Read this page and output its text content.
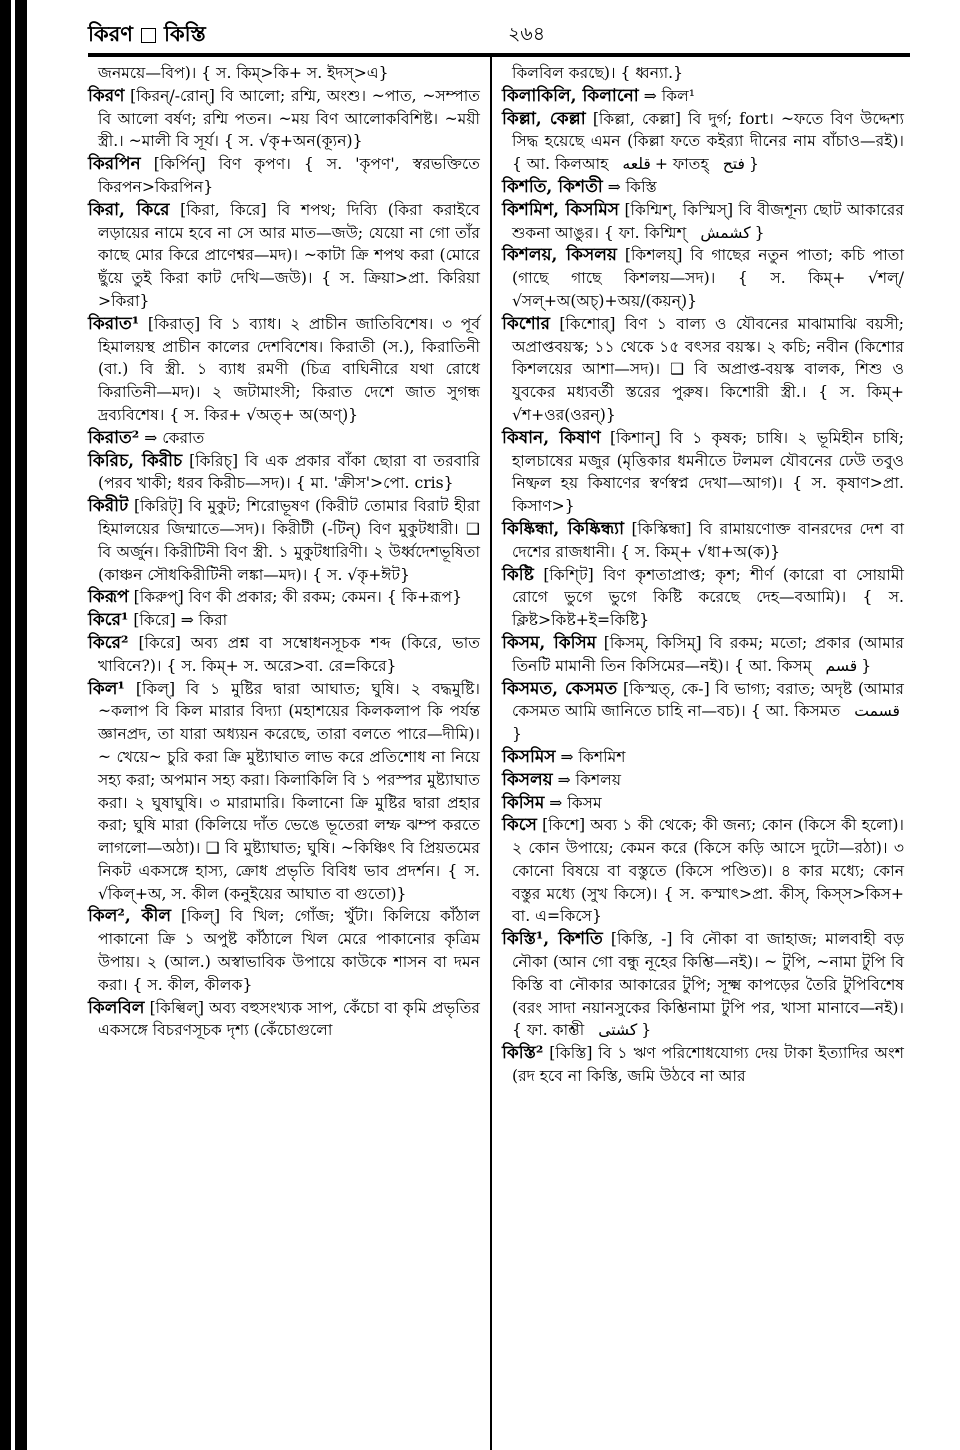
কিরণ কিস্তি	২৬৪

জনময়ে—বিপ)। { স. কিম্>কি+ স. ইদস্>এ}

কিরণ [কিরন্/-রোন্] বি আলো; রশ্মি, অংশু। ~পাত, ~সম্পাত বি আলো বর্ষণ; রশ্মি পতন। ~ময় বিণ আলোকবিশিষ্ট। ~ময়ী স্ত্রী.। ~মালী বি সূর্য। { স. √কৃ+অন(ক্যূন)}

কিরপিন [কির্পিন্] বিণ কৃপণ। { স. 'কৃপণ', স্বরভক্তিতে কিরপন>কিরপিন}

কিরা, কিরে [কিরা, কিরে] বি শপথ; দিব্যি (কিরা করাইবে লড়ায়ের নামে হবে না সে আর মাত—জউ; যেয়ো না গো তাঁর কাছে মোর কিরে প্রাণেশ্বর—মদ)। ~কাটা ক্রি শপথ করা (মোরে ছুঁয়ে তুই কিরা কাট দেখি—জউ)। { স. ক্রিয়া>প্রা. কিরিয়া >কিরা}

কিরাত¹ [কিরাত্] বি ১ ব্যাধ। ২ প্রাচীন জাতিবিশেষ। ৩ পূর্ব হিমালয়স্থ প্রাচীন কালের দেশবিশেষ। কিরাতী (স.), কিরাতিনী (বা.) বি স্ত্রী. ১ ব্যাধ রমণী (চিত্র বাঘিনীরে যথা রোধে কিরাতিনী—মদ)। ২ জটামাংসী; কিরাত দেশে জাত সুগন্ধ দ্রব্যবিশেষ। { স. কির+ √অত্+ অ(অণ্)}

কিরাত² ⇒ কেরাত

কিরিচ, কিরীচ [কিরিচ্] বি এক প্রকার বাঁকা ছোরা বা তরবারি (পরব খাকী; ধরব কিরীচ—সদ)। { মা. 'ক্রীস'>পো. cris}

কিরীট [কিরিট্] বি মুকুট; শিরোভূষণ (কিরীট তোমার বিরাট হীরা হিমালয়ের জিম্মাতে—সদ)। কিরীটী (-টিন্) বিণ মুকুটধারী। ❑ বি অর্জুন। কিরীটিনী বিণ স্ত্রী. ১ মুকুটধারিণী। ২ উর্ধ্বদেশভূষিতা (কাঞ্চন সৌধকিরীটিনী লঙ্কা—মদ)। { স. √কৃ+ঈট}

কিরূপ [কিরুপ্] বিণ কী প্রকার; কী রকম; কেমন। { কি+রূপ}

কিরে¹ [কিরে] ⇒ কিরা

কিরে² [কিরে] অব্য প্রশ্ন বা সম্বোধনসূচক শব্দ (কিরে, ভাত খাবিনে?)। { স. কিম্+ স. অরে>বা. রে=কিরে}

কিল¹ [কিল্] বি ১ মুষ্টির দ্বারা আঘাত; ঘুষি। ২ বদ্ধমুষ্টি। ~কলাপ বি কিল মারার বিদ্যা (মহাশয়ের কিলকলাপ কি পর্যন্ত জ্ঞানপ্রদ, তা যারা অধ্যয়ন করেছে, তারা বলতে পারে—দীমি)। ~ খেয়ে~ চুরি করা ক্রি মুষ্ট্যাঘাত লাভ করে প্রতিশোধ না নিয়ে সহ্য করা; অপমান সহ্য করা। কিলাকিলি বি ১ পরস্পর মুষ্ট্যাঘাত করা। ২ ঘুষাঘুষি। ৩ মারামারি। কিলানো ক্রি মুষ্টির দ্বারা প্রহার করা; ঘুষি মারা (কিলিয়ে দাঁত ভেঙে ভূতেরা লম্ফ ঝম্প করতে লাগলো—অঠা)। ❑ বি মুষ্ট্যাঘাত; ঘুষি। ~কিঞ্চিৎ বি প্রিয়তমের নিকট একসঙ্গে হাস্য, ক্রোধ প্রভৃতি বিবিধ ভাব প্রদর্শন। { স. √কিল্+অ, স. কীল (কনুইয়ের আঘাত বা গুতো)}

কিল², কীল [কিল্] বি খিল; গোঁজ; খুঁটা। কিলিয়ে কাঁঠাল পাকানো ক্রি ১ অপুষ্ট কাঁঠালে খিল মেরে পাকানোর কৃত্রিম উপায়। ২ (আল.) অস্বাভাবিক উপায়ে কাউকে শাসন বা দমন করা। { স. কীল, কীলক}

কিলবিল [কিল্বিল্] অব্য বহুসংখ্যক সাপ, কেঁচো বা কৃমি প্রভৃতির একসঙ্গে বিচরণসূচক দৃশ্য (কেঁচোগুলো

কিলবিল করছে)। { ধ্বন্যা.}

কিলাকিলি, কিলানো ⇒ কিল¹

কিল্লা, কেল্লা [কিল্লা, কেল্লা] বি দুর্গ; fort। ~ফতে বিণ উদ্দেশ্য সিদ্ধ হয়েছে এমন (কিল্লা ফতে কইর‍্যা দীনের নাম বাঁচাও—রই)। { আ. কিলআহ قلعه + ফাতহ্ فتح }

কিশতি, কিশতী ⇒ কিস্তি

কিশমিশ, কিসমিস [কিশ্মিশ্, কিস্মিস্] বি বীজশূন্য ছোট আকারের শুকনা আঙুর। { ফা. কিশ্মিশ্ كشمش }

কিশলয়, কিসলয় [কিশলয়্] বি গাছের নতুন পাতা; কচি পাতা (গাছে গাছে কিশলয়—সদ)। { স. কিম্+ √শল্/ √সল্+অ(অচ্)+অয়/(কয়ন্)}

কিশোর [কিশোর্] বিণ ১ বাল্য ও যৌবনের মাঝামাঝি বয়সী; অপ্রাপ্তবয়স্ক; ১১ থেকে ১৫ বৎসর বয়স্ক। ২ কচি; নবীন (কিশোর কিশলয়ের আশা—সদ)। ❑ বি অপ্রাপ্ত-বয়স্ক বালক, শিশু ও যুবকের মধ্যবর্তী স্তরের পুরুষ। কিশোরী স্ত্রী.। { স. কিম্+ √শ+ওর(ওরন্)}

কিষান, কিষাণ [কিশান্] বি ১ কৃষক; চাষি। ২ ভূমিহীন চাষি; হালচাষের মজুর (মৃত্তিকার ধমনীতে টলমল যৌবনের ঢেউ তবুও নিষ্ফল হয় কিষাণের স্বর্ণস্বপ্ন দেখা—আগ)। { স. কৃষাণ>প্রা. কিসাণ>}

কিষ্কিন্ধা, কিষ্কিন্ধ্যা [কিস্কিন্ধা] বি রামায়ণোক্ত বানরদের দেশ বা দেশের রাজধানী। { স. কিম্+ √ধা+অ(ক)}

কিষ্টি [কিশ্টি] বিণ কৃশতাপ্রাপ্ত; কৃশ; শীর্ণ (কারো বা সোয়ামী রোগে ভুগে ভুগে কিষ্টি করেছে দেহ—বআমি)। { স. ক্লিষ্ট>কিষ্ট+ই=কিষ্টি}

কিসম, কিসিম [কিসম্, কিসিম্] বি রকম; মতো; প্রকার (আমার তিনটি মামানী তিন কিসিমের—নই)। { আ. কিসম্ قسم }

কিসমত, কেসমত [কিস্মত্, কে-] বি ভাগ্য; বরাত; অদৃষ্ট (আমার কেসমত আমি জানিতে চাহি না—বচ)। { আ. কিসমত قسمت}

কিসমিস ⇒ কিশমিশ

কিসলয় ⇒ কিশলয়

কিসিম ⇒ কিসম

কিসে [কিশে] অব্য ১ কী থেকে; কী জন্য; কোন (কিসে কী হলো)। ২ কোন উপায়ে; কেমন করে (কিসে কড়ি আসে দুটো—রঠা)। ৩ কোনো বিষয়ে বা বস্তুতে (কিসে পণ্ডিত)। ৪ কার মধ্যে; কোন বস্তুর মধ্যে (সুখ কিসে)। { স. কস্মাৎ>প্রা. কীস্, কিস্স>কিস+ বা. এ=কিসে}

কিস্তি¹, কিশতি [কিস্তি, -] বি নৌকা বা জাহাজ; মালবাহী বড় নৌকা (আন গো বন্ধু নূহের কিশ্তি—নই)। ~ টুপি, ~নামা টুপি বি কিস্তি বা নৌকার আকারের টুপি; সূক্ষ্ম কাপড়ের তৈরি টুপিবিশেষ (বরং সাদা নয়ানসুকের কিশ্তিনামা টুপি পর, খাসা মানাবে—নই)। { ফা. কাশ্তী كشتى }

কিস্তি² [কিস্তি] বি ১ ঋণ পরিশোধযোগ্য দেয় টাকা ইত্যাদির অংশ (রদ হবে না কিস্তি, জমি উঠবে না আর
